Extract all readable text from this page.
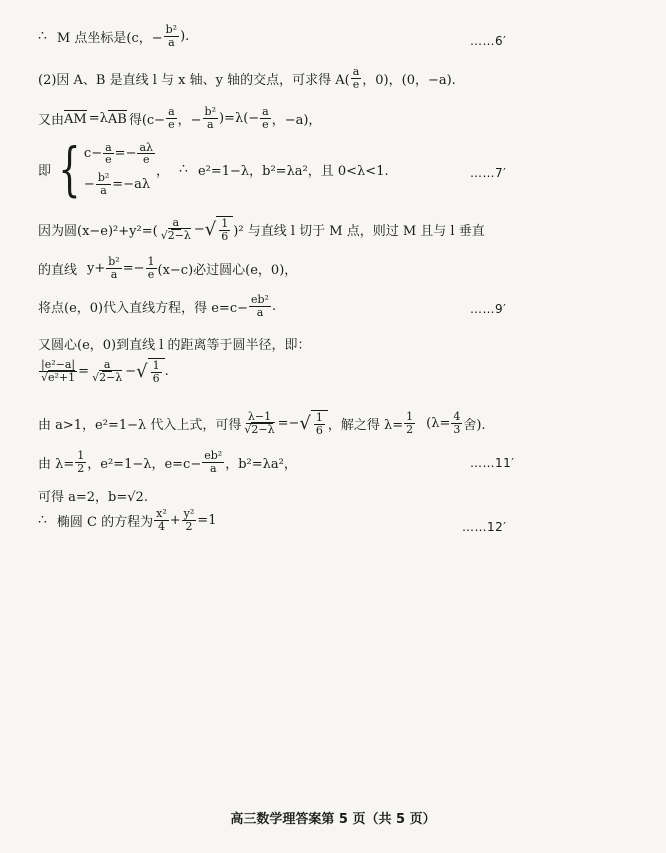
∴ M 点坐标是 (c，− $\frac{\text{b²}}{a}$ ).	……6′
(2)因 A、B 是直线 l 与 x 轴、y 轴的交点，可求得 $A( \frac{a}{e}$ ，0)，(0，−a).
又由 AM =λ AB 得($c- \frac{a}{e}$ ，− $\frac{\text{b²}}{a} )=\lambda(- \frac{a}{e}$ ，−a)，
即 { $c- \frac{a}{e} =- \frac{a\lambda}{e}$
− $\frac{\text{b²}}{a} =-a\lambda$
， ∴ e²=1−λ，b²=λa²，且 0<λ<1.	……7′
因为圆$(x-e)^2+y^2=( \frac{a}{√2-\lambda}$ − √ $\frac{1}{6} )^2$ 与直线 l 切于 M 点，则过 M 且与 l 垂直
的直线 $y+ \frac{\text{b²}}{a} =- \frac{1}{e} (x-c)$必过圆心(e，0)，
将点(e，0)代入直线方程，得 $e=c- \frac{\text{eb²}}{a}$ .	……9′
又圆心(e，0)到直线 l 的距离等于圆半径，即：
$\frac{\text{|e²−a|}}{\text{√e²+1}} = \frac{a}{√2-\lambda}$ − √ $\frac{1}{6}$ .
由 a>1，e²=1−λ 代入上式，可得 $\frac{\lambda-1}{√2-\lambda}$ =− √ $\frac{1}{6}$ ，解之得 $\lambda= \frac{1}{2} (\lambda= \frac{4}{3}$ 舍).
由 $\lambda= \frac{1}{2}$ ，e²=1−λ，$e=c- \frac{\text{eb²}}{a}$ ，b²=λa²，	……11′
可得 a=2，b=√2.
∴ 椭圆 C 的方程为 $\frac{\text{x²}}{4} + \frac{\text{y²}}{2} =1$	……12′
高三数学理答案第 5 页（共 5 页）
